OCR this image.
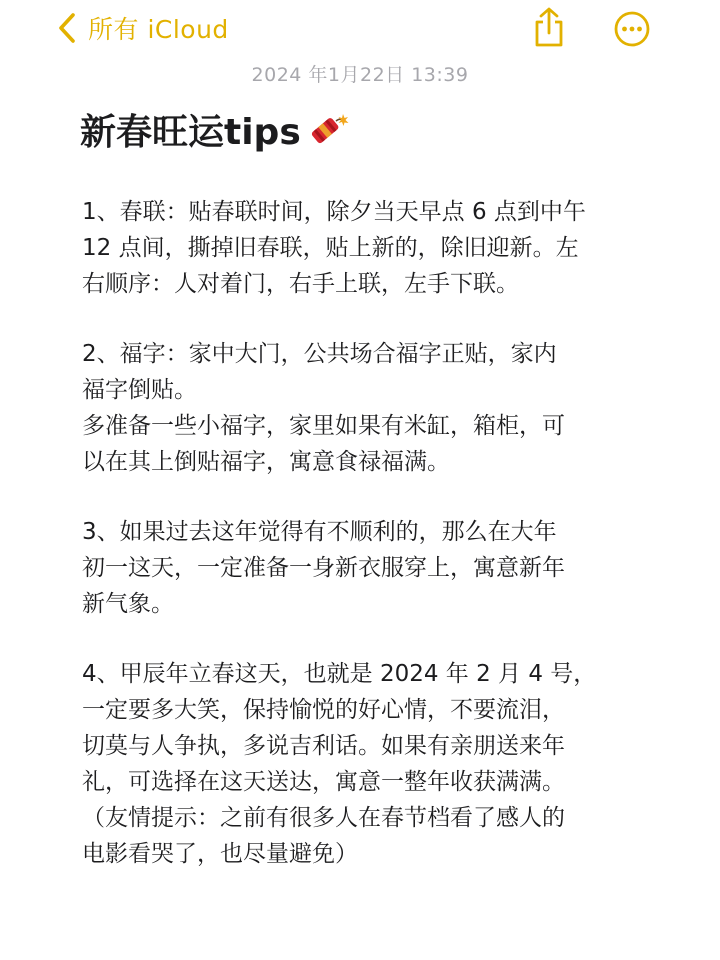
所有 iCloud
2024 年1月22日 13:39
新春旺运tips
1、春联：贴春联时间，除夕当天早点 6 点到中午
12 点间，撕掉旧春联，贴上新的，除旧迎新。左
右顺序：人对着门，右手上联，左手下联。
2、福字：家中大门，公共场合福字正贴，家内
福字倒贴。
多准备一些小福字，家里如果有米缸，箱柜，可
以在其上倒贴福字，寓意食禄福满。
3、如果过去这年觉得有不顺利的，那么在大年
初一这天，一定准备一身新衣服穿上，寓意新年
新气象。
4、甲辰年立春这天，也就是 2024 年 2 月 4 号，
一定要多大笑，保持愉悦的好心情，不要流泪，
切莫与人争执，多说吉利话。如果有亲朋送来年
礼，可选择在这天送达，寓意一整年收获满满。
（友情提示：之前有很多人在春节档看了感人的
电影看哭了，也尽量避免）
